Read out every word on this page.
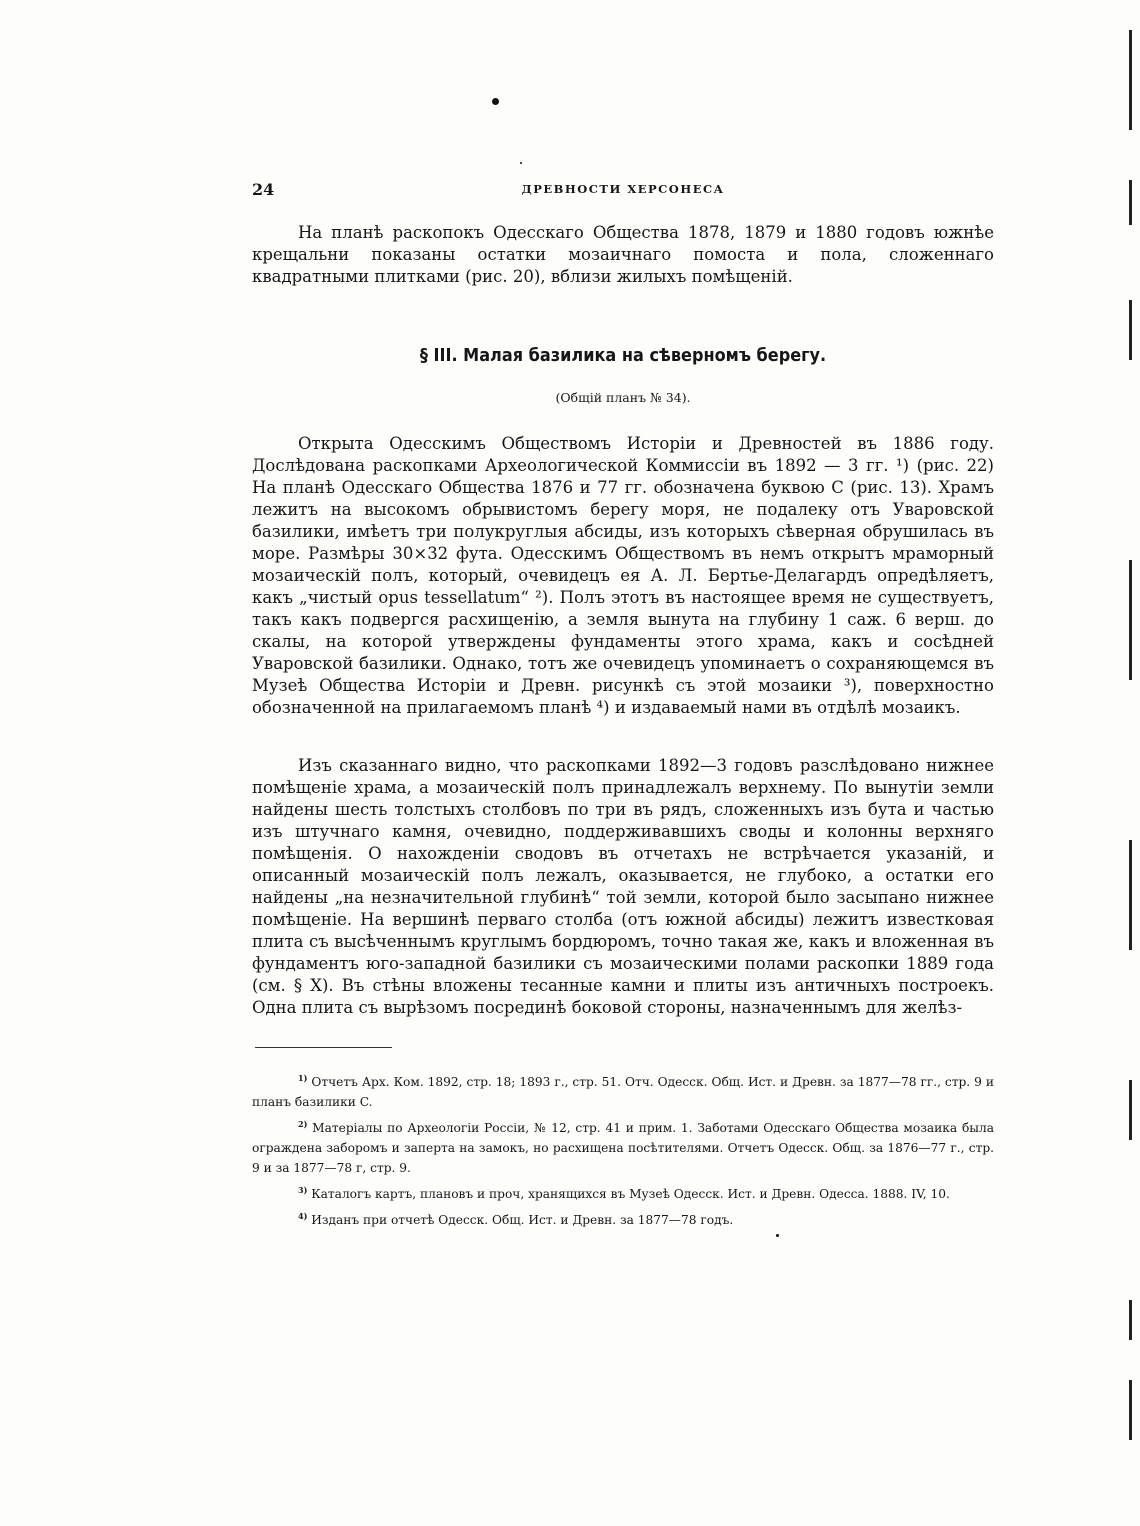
24	ДРЕВНОСТИ ХЕРСОНЕСА

На планѣ раскопокъ Одесскаго Общества 1878, 1879 и 1880 годовъ южнѣе крещальни показаны остатки мозаичнаго помоста и пола, сложеннаго квадратными плитками (рис. 20), вблизи жилыхъ помѣщеній.

§ III. Малая базилика на сѣверномъ берегу.
(Общій планъ № 34).

Открыта Одесскимъ Обществомъ Исторіи и Древностей въ 1886 году. Дослѣдована раскопками Археологической Коммиссіи въ 1892 — 3 гг. ¹) (рис. 22) На планѣ Одесскаго Общества 1876 и 77 гг. обозначена буквою C (рис. 13). Храмъ лежитъ на высокомъ обрывистомъ берегу моря, не подалеку отъ Уваровской базилики, имѣетъ три полукруглыя абсиды, изъ которыхъ сѣверная обрушилась въ море. Размѣры 30×32 фута. Одесскимъ Обществомъ въ немъ открытъ мраморный мозаическій полъ, который, очевидецъ ея А. Л. Бертье-Делагардъ опредѣляетъ, какъ „чистый opus tessellatum“ ²). Полъ этотъ въ настоящее время не существуетъ, такъ какъ подвергся расхищенію, а земля вынута на глубину 1 саж. 6 верш. до скалы, на которой утверждены фундаменты этого храма, какъ и сосѣдней Уваровской базилики. Однако, тотъ же очевидецъ упоминаетъ о сохраняющемся въ Музеѣ Общества Исторіи и Древн. рисункѣ съ этой мозаики ³), поверхностно обозначенной на прилагаемомъ планѣ ⁴) и издаваемый нами въ отдѣлѣ мозаикъ.

Изъ сказаннаго видно, что раскопками 1892—3 годовъ разслѣдовано нижнее помѣщеніе храма, а мозаическій полъ принадлежалъ верхнему. По вынутіи земли найдены шесть толстыхъ столбовъ по три въ рядъ, сложенныхъ изъ бута и частью изъ штучнаго камня, очевидно, поддерживавшихъ своды и колонны верхняго помѣщенія. О нахожденіи сводовъ въ отчетахъ не встрѣчается указаній, и описанный мозаическій полъ лежалъ, оказывается, не глубоко, а остатки его найдены „на незначительной глубинѣ“ той земли, которой было засыпано нижнее помѣщеніе. На вершинѣ перваго столба (отъ южной абсиды) лежитъ известковая плита съ высѣченнымъ круглымъ бордюромъ, точно такая же, какъ и вложенная въ фундаментъ юго-западной базилики съ мозаическими полами раскопки 1889 года (см. § X). Въ стѣны вложены тесанные камни и плиты изъ античныхъ построекъ. Одна плита съ вырѣзомъ посрединѣ боковой стороны, назначеннымъ для желѣз-

$^{1)}$ Отчетъ Арх. Ком. 1892, стр. 18; 1893 г., стр. 51. Отч. Одесск. Общ. Ист. и Древн. за 1877—78 гг., стр. 9 и планъ базилики C.

$^{2)}$ Матеріалы по Археологіи Россіи, № 12, стр. 41 и прим. 1. Заботами Одесскаго Общества мозаика была ограждена заборомъ и заперта на замокъ, но расхищена посѣтителями. Отчетъ Одесск. Общ. за 1876—77 г., стр. 9 и за 1877—78 г, стр. 9.

$^{3)}$ Каталогъ картъ, плановъ и проч, хранящихся въ Музеѣ Одесск. Ист. и Древн. Одесса. 1888. IV, 10.

$^{4)}$ Изданъ при отчетѣ Одесск. Общ. Ист. и Древн. за 1877—78 годъ.
